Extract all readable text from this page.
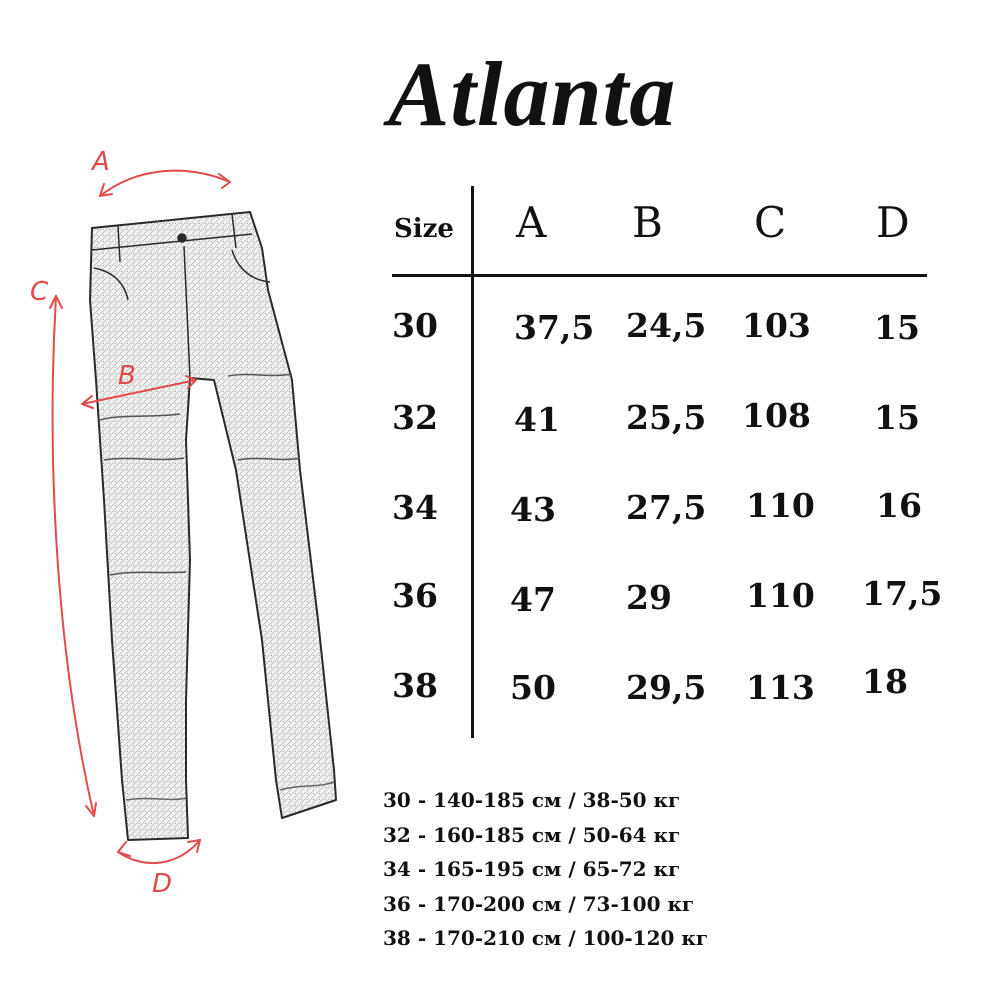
A
B
C
D
Atlanta
Size A B C D
30 37,5 24,5 103 15
32 41 25,5 108 15
34 43 27,5 110 16
36 47 29 110 17,5
38 50 29,5 113 18
30 - 140-185 см / 38-50 кг
32 - 160-185 см / 50-64 кг
34 - 165-195 см / 65-72 кг
36 - 170-200 см / 73-100 кг
38 - 170-210 см / 100-120 кг
